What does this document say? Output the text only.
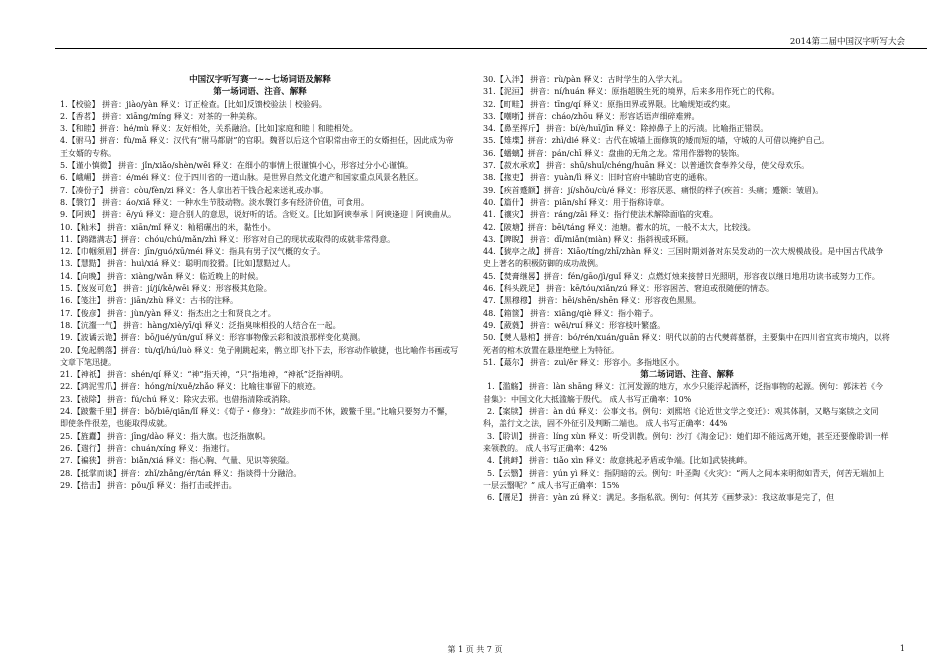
2014第二届中国汉字听写大会
中国汉字听写赛一~~七场词语及解释
第一场词语、注音、解释

1.【校验】 拼音：jiào/yàn 释义：订正检查。[比如]反馈校验法｜校验码。

2.【香茗】 拼音：xiāng/míng 释义：对茶的一种美称。

3.【和睦】拼音：hé/mù 释义：友好相处，关系融洽。[比如]家庭和睦｜和睦相处。

4.【驸马】拼音：fù/mǎ 释义：汉代有“驸马都尉”的官职。魏晋以后这个官职常由帝王的女婿担任，因此成为帝王女婿的专称。

5.【谨小慎微】 拼音：jǐn/xiǎo/shèn/wēi 释义：在细小的事情上很谨慎小心，形容过分小心谨慎。

6.【峨嵋】 拼音：é/méi 释义：位于四川省的一道山脉。是世界自然文化遗产和国家重点风景名胜区。

7.【凑份子】 拼音：còu/fèn/zi 释义：各人拿出若干钱合起来送礼或办事。

8.【褩饤】 拼音：áo/xiǎ 释义：一种水生节肢动物。淡水褩饤多有经济价值，可食用。

9.【阿谀】 拼音：ē/yú 释义：迎合别人的意思，说好听的话。含贬义。[比如]阿谀奉承｜阿谀逢迎｜阿谀曲从。

10.【籼米】 拼音：xiān/mǐ 释义：籼稻碾出的米，黏性小。

11.【踌躇满志】拼音：chóu/chú/mǎn/zhì 释义：形容对自己的现状或取得的成就非常得意。

12.【巾帼须眉】拼音：jīn/guó/xū/méi 释义：指具有男子汉气概的女子。

13.【慧黠】 拼音：huì/xiá 释义：聪明而狡猾。[比如]慧黠过人。

14.【向晚】 拼音：xiàng/wǎn 释义：临近晚上的时候。

15.【岌岌可危】 拼音：jí/jí/kě/wēi 释义：形容极其危险。

16.【笺注】 拼音：jiān/zhù 释义：古书的注释。

17.【俊彦】 拼音：jùn/yàn 释义：指杰出之士和贤良之才。

18.【沆瀣一气】 拼音：hàng/xiè/yī/qì 释义：泛指臭味相投的人结合在一起。

19.【波谲云诡】拼音：bō/jué/yún/guǐ 释义：形容事物像云彩和波浪那样变化莫测。

20.【兔起鹘落】拼音：tù/qǐ/hú/luò 释义：兔子刚跳起来，鹘立即飞扑下去，形容动作敏捷，也比喻作书画或写文章下笔迅捷。

21.【神祇】 拼音：shén/qí 释义：“神”指天神，“只”指地神，“神祇”泛指神明。

22.【鸿泥雪爪】拼音：hóng/ní/xuě/zhǎo 释义：比喻往事留下的痕迹。

23.【祓除】 拼音：fú/chú 释义：除灾去邪。也借指清除或消除。

24.【跛鳖千里】拼音：bǒ/biē/qiān/lǐ 释义：《荀子・修身》：“故跬步而不休，跛鳖千里。”比喻只要努力不懈，即使条件很差，也能取得成就。

25.【旌纛】 拼音：jīng/dào 释义：指大旗。也泛指旗帜。

26.【遄行】 拼音：chuán/xíng 释义：指速行。

27.【褊狭】 拼音：biǎn/xiá 释义：指心胸、气量、见识等狭隘。

28.【抵掌而谈】拼音：zhǐ/zhǎng/ér/tán 释义：指谈得十分融洽。

29.【掊击】 拼音：pǒu/jī 释义：指打击或抨击。

30.【入泮】 拼音：rù/pàn 释义：古时学生的入学大礼。

31.【泥洹】 拼音：ní/huán 释义：原指超脱生死的境界，后来多用作死亡的代称。

32.【町畦】 拼音：tīng/qí 释义：原指田界或界限。比喻规矩或约束。

33.【嘲哳】拼音：cháo/zhōu 释义：形容话语声细碎难辨。

34.【鼻垩挥斤】 拼音：bí/è/huī/jīn 释义：除掉鼻子上的污渍。比喻指正错误。

35.【雉堞】拼音：zhì/dié 释义：古代在城墙上面修筑的矮而短的墙，守城的人可借以掩护自己。

36.【蟠螭】拼音：pán/chī 释义：盘曲的无角之龙。常用作器物的装饰。

37.【菽水承欢】 拼音：shū/shuǐ/chéng/huān 释义：以普通饮食奉养父母，使父母欢乐。

38.【掾吏】 拼音：yuàn/lì 释义：旧时官府中辅助官吏的通称。

39.【疾首蹙额】拼音：jí/shǒu/cù/é 释义：形容厌恶、痛恨的样子(疾首：头痛；蹙额：皱眉)。

40.【篇什】 拼音：piān/shí 释义：用于指称诗章。

41.【禳灾】 拼音：ráng/zāi 释义：指行使法术解除面临的灾难。

42.【陂塘】拼音：bēi/táng 释义：池塘。蓄水的坑，一般不太大，比较浅。

43.【睥睨】 拼音：dī/miǎn(miàn) 释义：指斜视或环顾。

44.【猇亭之战】拼音：Xiāo/tíng/zhī/zhàn 释义：三国时期刘备对东吴发动的一次大规模战役。是中国古代战争史上著名的积极防御的成功战例。

45.【焚膏继晷】拼音：fén/gāo/jì/guǐ 释义：点燃灯烛来接替日光照明，形容夜以继日地用功读书或努力工作。

46.【科头跣足】 拼音：kē/tóu/xiǎn/zú 释义：形容困苦、窘迫或很随便的情态。

47.【黑穆穆】 拼音：hēi/shēn/shēn 释义：形容夜色黑黑。

48.【箱箧】 拼音：xiāng/qiè 释义：指小箱子。

49.【葳蕤】 拼音：wēi/ruí 释义：形容枝叶繁盛。

50.【僰人悬棺】拼音：bó/rén/xuán/guān 释义：明代以前的古代僰蒋墓群，主要集中在四川省宜宾市境内，以将死者的棺木放置在悬崖绝壁上为特征。

51.【蕞尔】 拼音：zuì/ěr 释义：形容小。多指地区小。

第二场词语、注音、解释

1.【滥觞】 拼音：làn shāng 释义：江河发源的地方，水少只能浮起酒杯，泛指事物的起源。例句：郭沫若《今昔集》：中国文化大抵滥觞于殷代。 成人书写正确率：10%

2.【案牍】 拼音：àn dú 释义：公事文书。例句：刘熙培《论近世文学之变迁》：观其体制，又略与案牍之文同科，盖行文之法，固不外征引及判断二端也。 成人书写正确率：44%

3.【聆训】 拼音：líng xùn 释义：听受训教。例句：沙汀《淘金记》：她们却不能远离开她，甚至还要像聆训一样来领教的。 成人书写正确率：42%

4.【挑衅】 拼音：tiǎo xìn 释义：故意挑起矛盾或争端。[比如]武装挑衅。

5.【云翳】 拼音：yún yì 释义：指阴暗的云。例句：叶圣陶《火灾》：“两人之间本来明彻如青天，何苦无端加上一层云翳呢？” 成人书写正确率：15%

6.【餍足】 拼音：yàn zú 释义：满足。多指私欲。例句：何其芳《画梦录》：我这故事是完了，但

第 1 页 共 7 页	1
